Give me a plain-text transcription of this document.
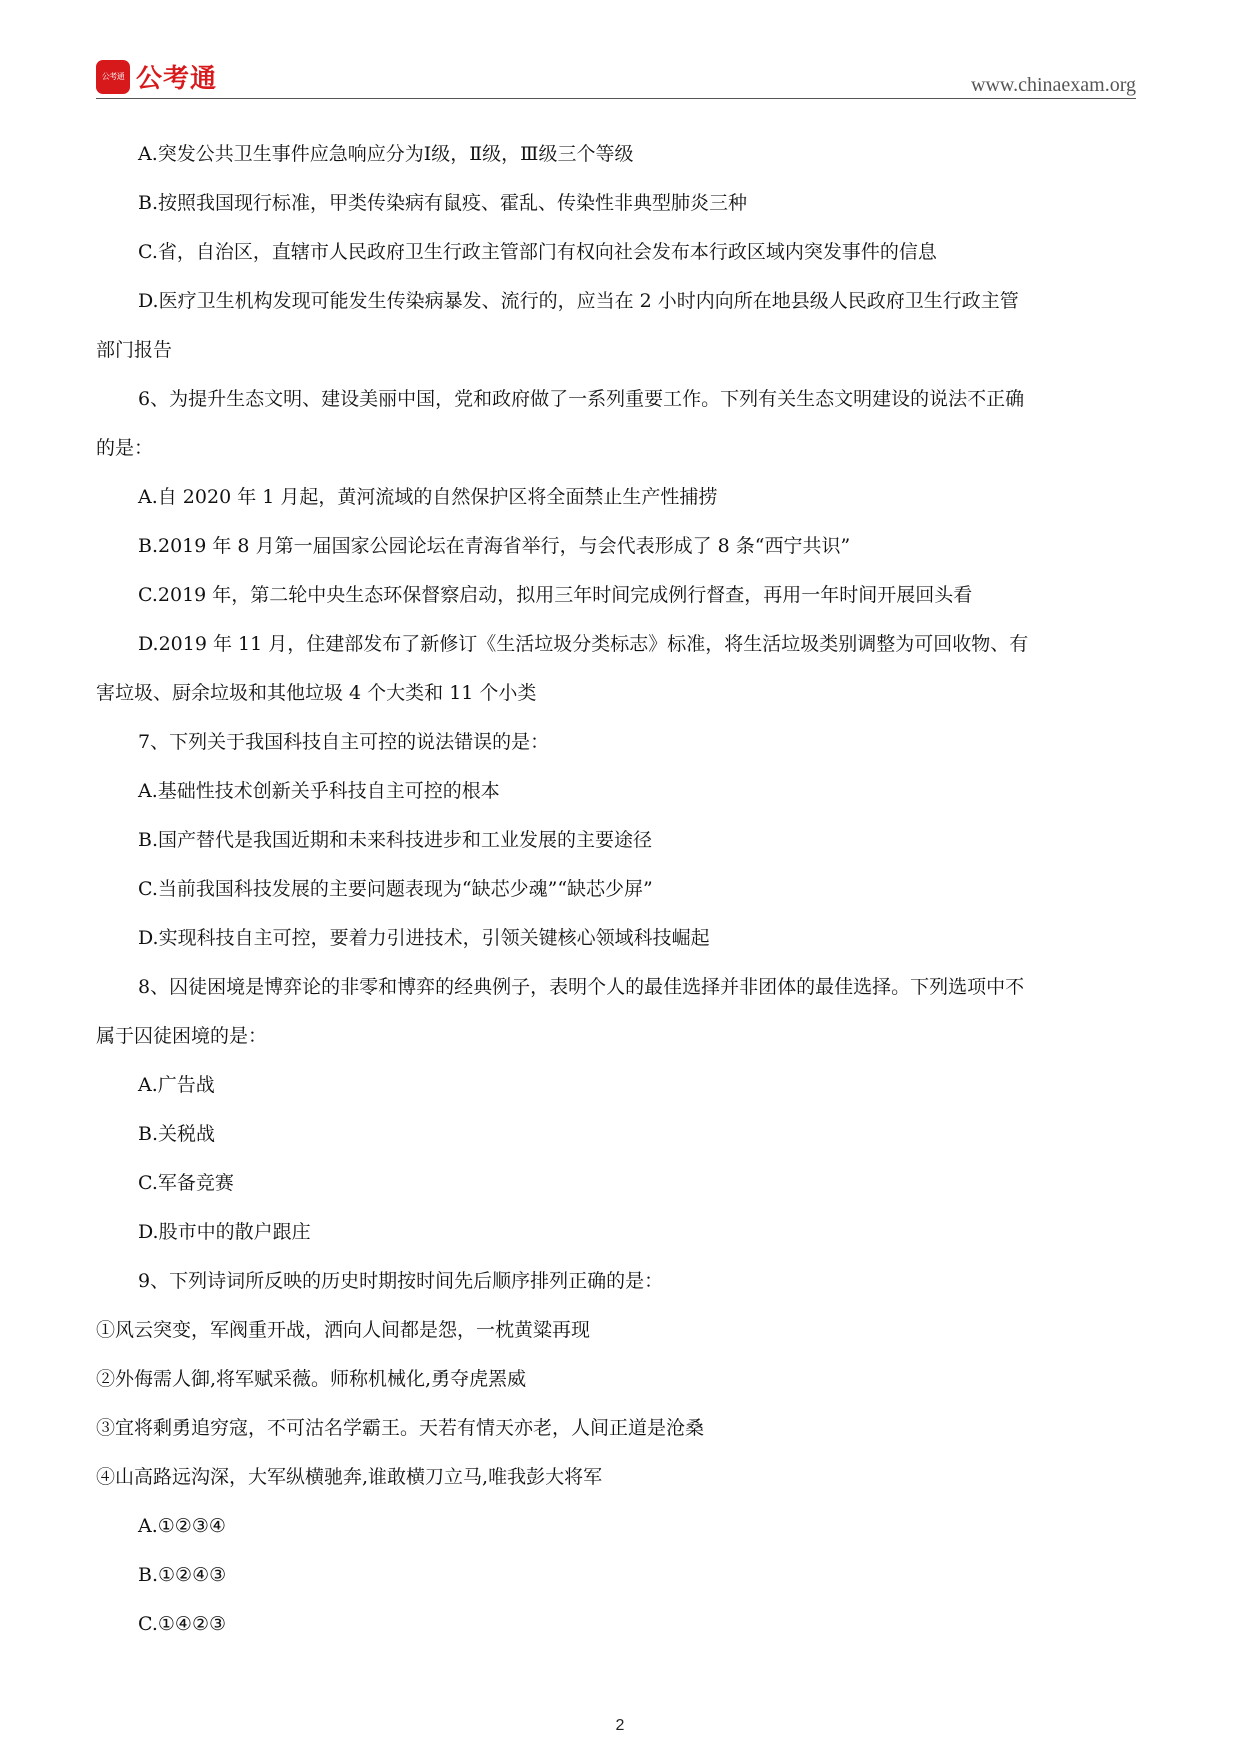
公考通 公考通	www.chinaexam.org
A.突发公共卫生事件应急响应分为Ⅰ级，Ⅱ级，Ⅲ级三个等级
B.按照我国现行标准，甲类传染病有鼠疫、霍乱、传染性非典型肺炎三种
C.省，自治区，直辖市人民政府卫生行政主管部门有权向社会发布本行政区域内突发事件的信息
D.医疗卫生机构发现可能发生传染病暴发、流行的，应当在 2 小时内向所在地县级人民政府卫生行政主管
部门报告
6、为提升生态文明、建设美丽中国，党和政府做了一系列重要工作。下列有关生态文明建设的说法不正确
的是：
A.自 2020 年 1 月起，黄河流域的自然保护区将全面禁止生产性捕捞
B.2019 年 8 月第一届国家公园论坛在青海省举行，与会代表形成了 8 条“西宁共识”
C.2019 年，第二轮中央生态环保督察启动，拟用三年时间完成例行督查，再用一年时间开展回头看
D.2019 年 11 月，住建部发布了新修订《生活垃圾分类标志》标准，将生活垃圾类别调整为可回收物、有
害垃圾、厨余垃圾和其他垃圾 4 个大类和 11 个小类
7、下列关于我国科技自主可控的说法错误的是：
A.基础性技术创新关乎科技自主可控的根本
B.国产替代是我国近期和未来科技进步和工业发展的主要途径
C.当前我国科技发展的主要问题表现为“缺芯少魂”“缺芯少屏”
D.实现科技自主可控，要着力引进技术，引领关键核心领域科技崛起
8、囚徒困境是博弈论的非零和博弈的经典例子，表明个人的最佳选择并非团体的最佳选择。下列选项中不
属于囚徒困境的是：
A.广告战
B.关税战
C.军备竞赛
D.股市中的散户跟庄
9、下列诗词所反映的历史时期按时间先后顺序排列正确的是：
①风云突变，军阀重开战，洒向人间都是怨，一枕黄粱再现
②外侮需人御,将军赋采薇。师称机械化,勇夺虎罴威
③宜将剩勇追穷寇，不可沽名学霸王。天若有情天亦老，人间正道是沧桑
④山高路远沟深，大军纵横驰奔,谁敢横刀立马,唯我彭大将军
A.①②③④
B.①②④③
C.①④②③
2
